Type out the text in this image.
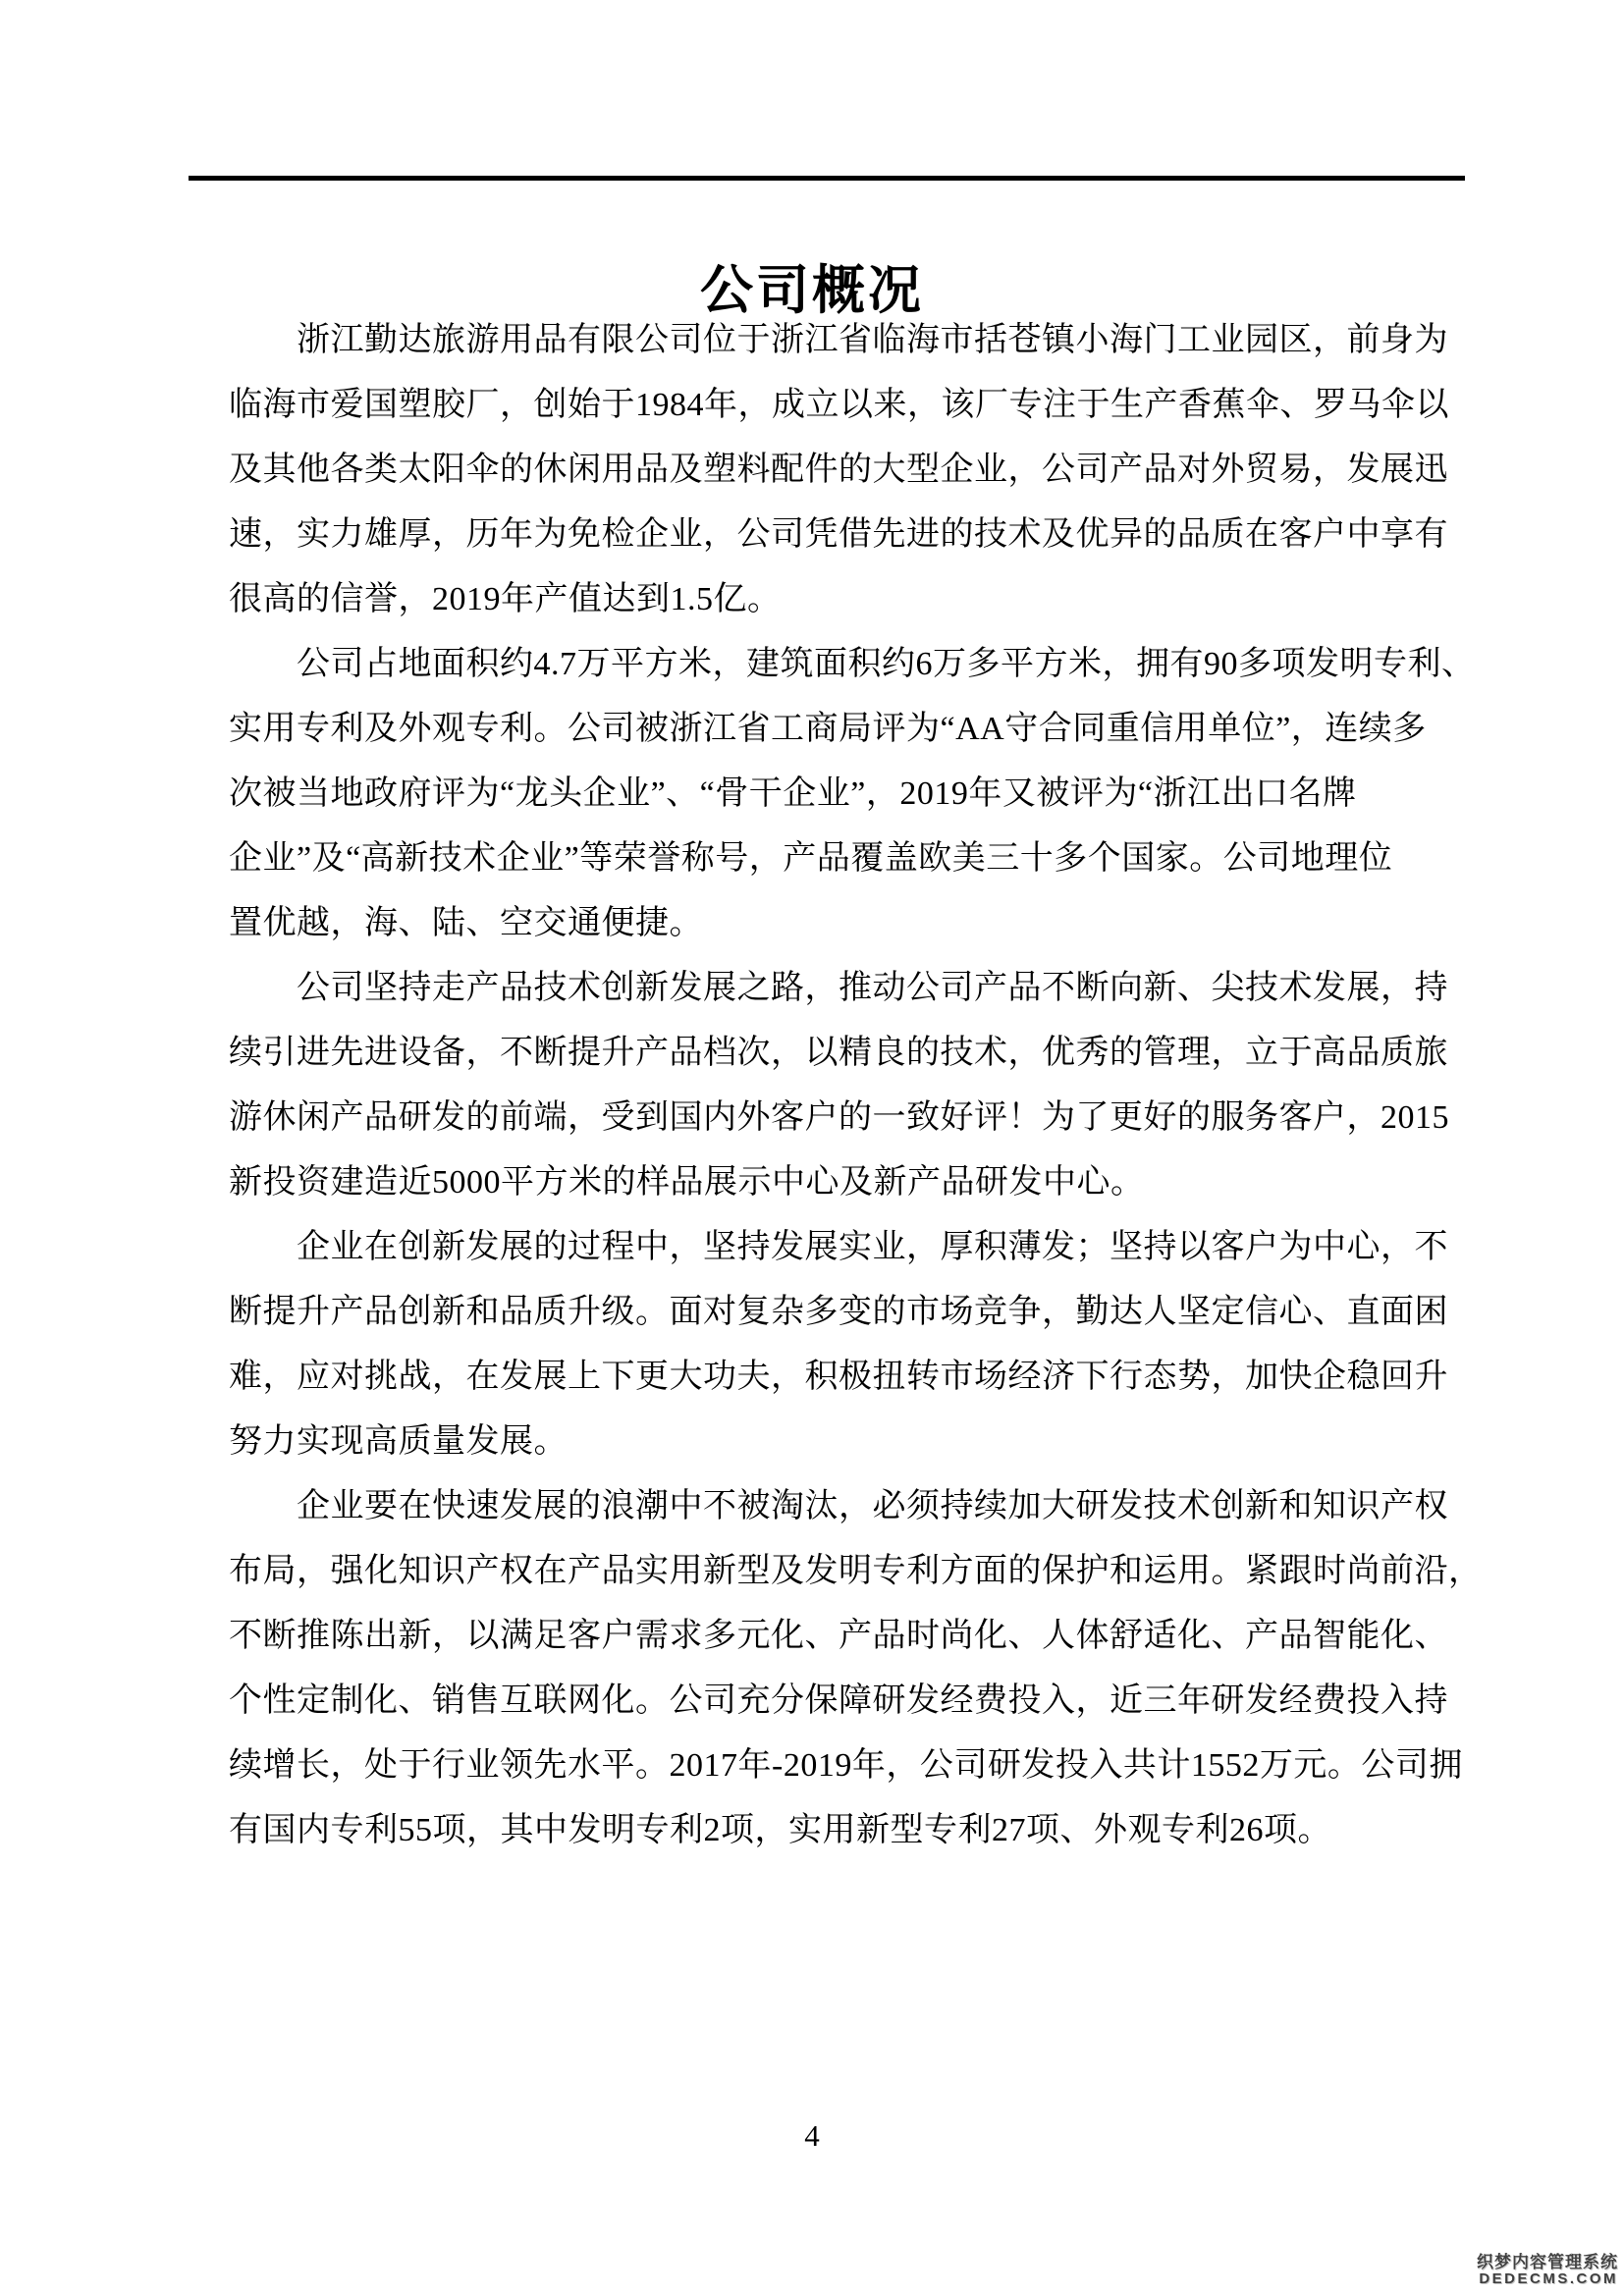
公司概况
浙江勤达旅游用品有限公司位于浙江省临海市括苍镇小海门工业园区，前身为
临海市爱国塑胶厂，创始于1984年，成立以来，该厂专注于生产香蕉伞、罗马伞以
及其他各类太阳伞的休闲用品及塑料配件的大型企业，公司产品对外贸易，发展迅
速，实力雄厚，历年为免检企业，公司凭借先进的技术及优异的品质在客户中享有
很高的信誉，2019年产值达到1.5亿。
公司占地面积约4.7万平方米，建筑面积约6万多平方米，拥有90多项发明专利、
实用专利及外观专利。公司被浙江省工商局评为“AA守合同重信用单位”，连续多
次被当地政府评为“龙头企业”、“骨干企业”，2019年又被评为“浙江出口名牌
企业”及“高新技术企业”等荣誉称号，产品覆盖欧美三十多个国家。公司地理位
置优越，海、陆、空交通便捷。
公司坚持走产品技术创新发展之路，推动公司产品不断向新、尖技术发展，持
续引进先进设备，不断提升产品档次，以精良的技术，优秀的管理，立于高品质旅
游休闲产品研发的前端，受到国内外客户的一致好评！为了更好的服务客户，2015
新投资建造近5000平方米的样品展示中心及新产品研发中心。
企业在创新发展的过程中，坚持发展实业，厚积薄发；坚持以客户为中心，不
断提升产品创新和品质升级。面对复杂多变的市场竞争，勤达人坚定信心、直面困
难，应对挑战，在发展上下更大功夫，积极扭转市场经济下行态势，加快企稳回升
努力实现高质量发展。
企业要在快速发展的浪潮中不被淘汰，必须持续加大研发技术创新和知识产权
布局，强化知识产权在产品实用新型及发明专利方面的保护和运用。紧跟时尚前沿，
不断推陈出新，以满足客户需求多元化、产品时尚化、人体舒适化、产品智能化、
个性定制化、销售互联网化。公司充分保障研发经费投入，近三年研发经费投入持
续增长，处于行业领先水平。2017年-2019年，公司研发投入共计1552万元。公司拥
有国内专利55项，其中发明专利2项，实用新型专利27项、外观专利26项。
4
织梦内容管理系统
DEDECMS.COM
